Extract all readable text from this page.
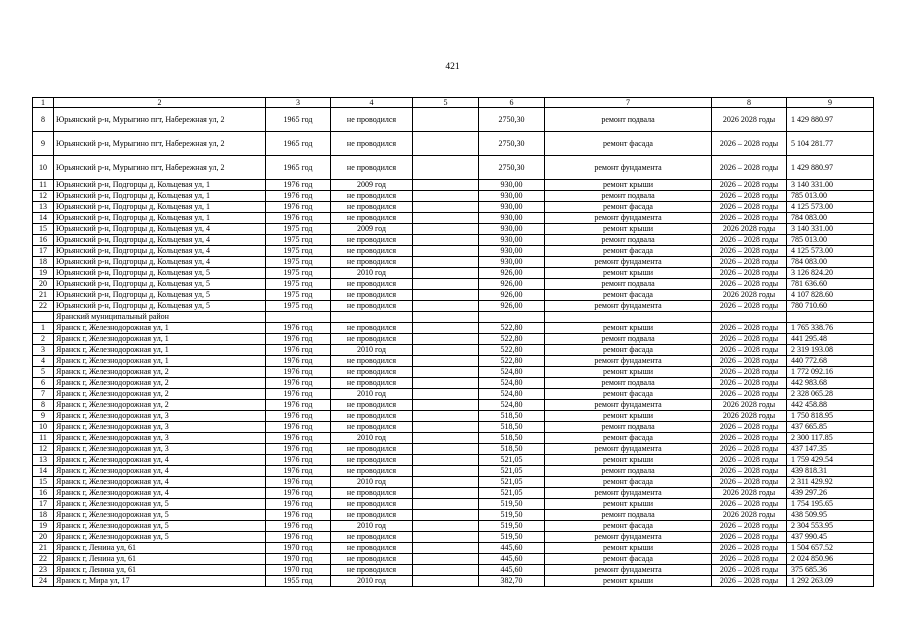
421
1	2	3	4	5	6	7	8	9
8	Юрьянский р-н, Мурыгино пгт, Набережная ул, 2	1965 год	не проводился		2750,30	ремонт подвала	2026 2028 годы	1 429 880.97
9	Юрьянский р-н, Мурыгино пгт, Набережная ул, 2	1965 год	не проводился		2750,30	ремонт фасада	2026 – 2028 годы	5 104 281.77
10	Юрьянский р-н, Мурыгино пгт, Набережная ул, 2	1965 год	не проводился		2750,30	ремонт фундамента	2026 – 2028 годы	1 429 880.97
11	Юрьянский р-н, Подгорцы д, Кольцевая ул, 1	1976 год	2009 год		930,00	ремонт крыши	2026 – 2028 годы	3 140 331.00
12	Юрьянский р-н, Подгорцы д, Кольцевая ул, 1	1976 год	не проводился		930,00	ремонт подвала	2026 – 2028 годы	785 013.00
13	Юрьянский р-н, Подгорцы д, Кольцевая ул, 1	1976 год	не проводился		930,00	ремонт фасада	2026 – 2028 годы	4 125 573.00
14	Юрьянский р-н, Подгорцы д, Кольцевая ул, 1	1976 год	не проводился		930,00	ремонт фундамента	2026 – 2028 годы	784 083.00
15	Юрьянский р-н, Подгорцы д, Кольцевая ул, 4	1975 год	2009 год		930,00	ремонт крыши	2026 2028 годы	3 140 331.00
16	Юрьянский р-н, Подгорцы д, Кольцевая ул, 4	1975 год	не проводился		930,00	ремонт подвала	2026 – 2028 годы	785 013.00
17	Юрьянский р-н, Подгорцы д, Кольцевая ул, 4	1975 год	не проводился		930,00	ремонт фасада	2026 – 2028 годы	4 125 573.00
18	Юрьянский р-н, Подгорцы д, Кольцевая ул, 4	1975 год	не проводился		930,00	ремонт фундамента	2026 – 2028 годы	784 083.00
19	Юрьянский р-н, Подгорцы д, Кольцевая ул, 5	1975 год	2010 год		926,00	ремонт крыши	2026 – 2028 годы	3 126 824.20
20	Юрьянский р-н, Подгорцы д, Кольцевая ул, 5	1975 год	не проводился		926,00	ремонт подвала	2026 – 2028 годы	781 636.60
21	Юрьянский р-н, Подгорцы д, Кольцевая ул, 5	1975 год	не проводился		926,00	ремонт фасада	2026 2028 годы	4 107 828.60
22	Юрьянский р-н, Подгорцы д, Кольцевая ул, 5	1975 год	не проводился		926,00	ремонт фундамента	2026 – 2028 годы	780 710.60
	Яранский муниципальный район							
1	Яранск г, Железнодорожная ул, 1	1976 год	не проводился		522,80	ремонт крыши	2026 – 2028 годы	1 765 338.76
2	Яранск г, Железнодорожная ул, 1	1976 год	не проводился		522,80	ремонт подвала	2026 – 2028 годы	441 295.48
3	Яранск г, Железнодорожная ул, 1	1976 год	2010 год		522,80	ремонт фасада	2026 – 2028 годы	2 319 193.08
4	Яранск г, Железнодорожная ул, 1	1976 год	не проводился		522,80	ремонт фундамента	2026 – 2028 годы	440 772.68
5	Яранск г, Железнодорожная ул, 2	1976 год	не проводился		524,80	ремонт крыши	2026 – 2028 годы	1 772 092.16
6	Яранск г, Железнодорожная ул, 2	1976 год	не проводился		524,80	ремонт подвала	2026 – 2028 годы	442 983.68
7	Яранск г, Железнодорожная ул, 2	1976 год	2010 год		524,80	ремонт фасада	2026 – 2028 годы	2 328 065.28
8	Яранск г, Железнодорожная ул, 2	1976 год	не проводился		524,80	ремонт фундамента	2026 2028 годы	442 458.88
9	Яранск г, Железнодорожная ул, 3	1976 год	не проводился		518,50	ремонт крыши	2026 2028 годы	1 750 818.95
10	Яранск г, Железнодорожная ул, 3	1976 год	не проводился		518,50	ремонт подвала	2026 – 2028 годы	437 665.85
11	Яранск г, Железнодорожная ул, 3	1976 год	2010 год		518,50	ремонт фасада	2026 – 2028 годы	2 300 117.85
12	Яранск г, Железнодорожная ул, 3	1976 год	не проводился		518,50	ремонт фундамента	2026 – 2028 годы	437 147.35
13	Яранск г, Железнодорожная ул, 4	1976 год	не проводился		521,05	ремонт крыши	2026 – 2028 годы	1 759 429.54
14	Яранск г, Железнодорожная ул, 4	1976 год	не проводился		521,05	ремонт подвала	2026 – 2028 годы	439 818.31
15	Яранск г, Железнодорожная ул, 4	1976 год	2010 год		521,05	ремонт фасада	2026 – 2028 годы	2 311 429.92
16	Яранск г, Железнодорожная ул, 4	1976 год	не проводился		521,05	ремонт фундамента	2026 2028 годы	439 297.26
17	Яранск г, Железнодорожная ул, 5	1976 год	не проводился		519,50	ремонт крыши	2026 – 2028 годы	1 754 195.65
18	Яранск г, Железнодорожная ул, 5	1976 год	не проводился		519,50	ремонт подвала	2026 2028 годы	438 509.95
19	Яранск г, Железнодорожная ул, 5	1976 год	2010 год		519,50	ремонт фасада	2026 – 2028 годы	2 304 553.95
20	Яранск г, Железнодорожная ул, 5	1976 год	не проводился		519,50	ремонт фундамента	2026 – 2028 годы	437 990.45
21	Яранск г, Ленина ул, 61	1970 год	не проводился		445,60	ремонт крыши	2026 – 2028 годы	1 504 657.52
22	Яранск г, Ленина ул, 61	1970 год	не проводился		445,60	ремонт фасада	2026 – 2028 годы	2 024 850.96
23	Яранск г, Ленина ул, 61	1970 год	не проводился		445,60	ремонт фундамента	2026 – 2028 годы	375 685.36
24	Яранск г, Мира ул, 17	1955 год	2010 год		382,70	ремонт крыши	2026 – 2028 годы	1 292 263.09
